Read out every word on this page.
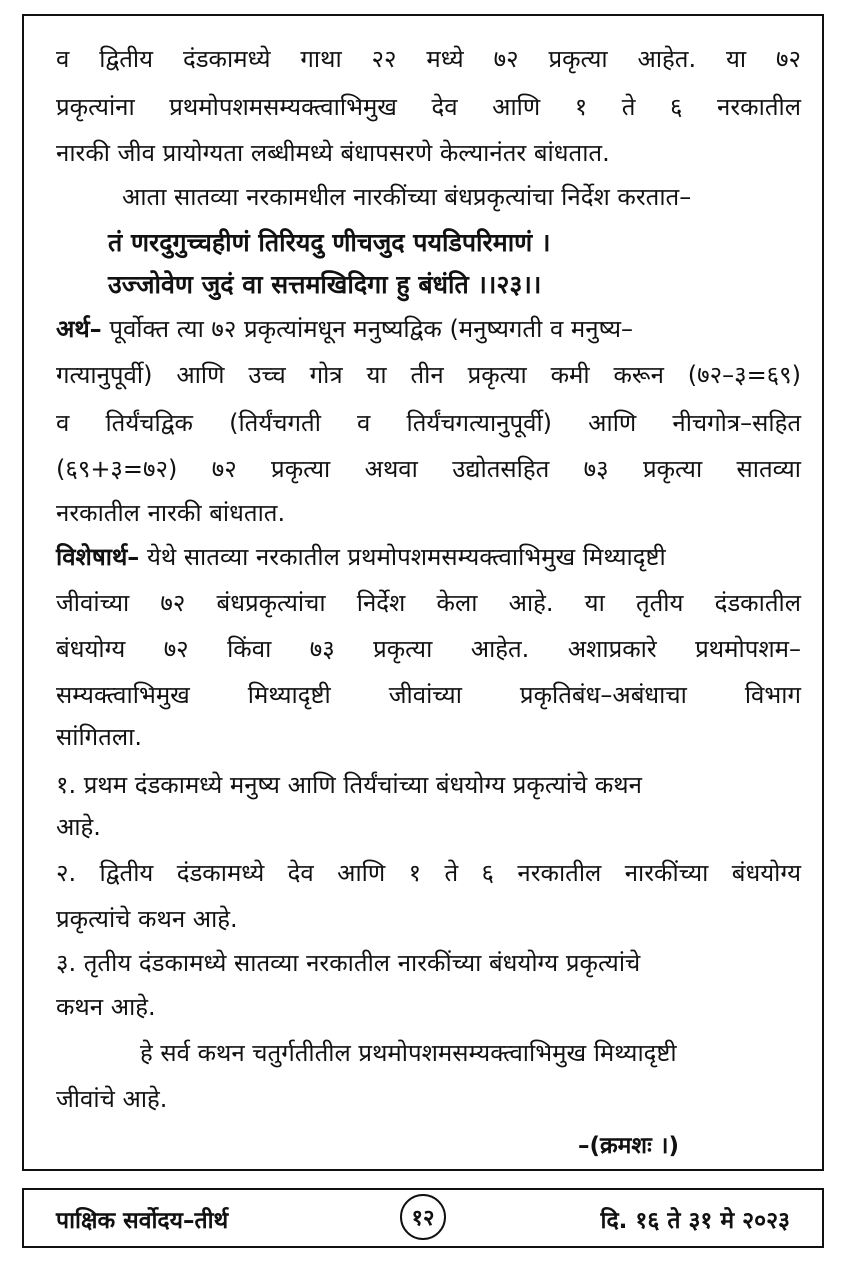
व द्वितीय दंडकामध्ये गाथा २२ मध्ये ७२ प्रकृत्या आहेत. या ७२
प्रकृत्यांना प्रथमोपशमसम्यक्त्वाभिमुख देव आणि १ ते ६ नरकातील
नारकी जीव प्रायोग्यता लब्धीमध्ये बंधापसरणे केल्यानंतर बांधतात.
आता सातव्या नरकामधील नारकींच्या बंधप्रकृत्यांचा निर्देश करतात–
तं णरदुगुच्चहीणं तिरियदु णीचजुद पयडिपरिमाणं ।
उज्जोवेण जुदं वा सत्तमखिदिगा हु बंधंति ।।२३।।
अर्थ– पूर्वोक्त त्या ७२ प्रकृत्यांमधून मनुष्यद्विक (मनुष्यगती व मनुष्य–
गत्यानुपूर्वी) आणि उच्च गोत्र या तीन प्रकृत्या कमी करून (७२–३=६९)
व तिर्यंचद्विक (तिर्यंचगती व तिर्यंचगत्यानुपूर्वी) आणि नीचगोत्र–सहित
(६९+३=७२) ७२ प्रकृत्या अथवा उद्योतसहित ७३ प्रकृत्या सातव्या
नरकातील नारकी बांधतात.
विशेषार्थ– येथे सातव्या नरकातील प्रथमोपशमसम्यक्त्वाभिमुख मिथ्यादृष्टी
जीवांच्या ७२ बंधप्रकृत्यांचा निर्देश केला आहे. या तृतीय दंडकातील
बंधयोग्य ७२ किंवा ७३ प्रकृत्या आहेत. अशाप्रकारे प्रथमोपशम–
सम्यक्त्वाभिमुख मिथ्यादृष्टी जीवांच्या प्रकृतिबंध–अबंधाचा विभाग
सांगितला.
१. प्रथम दंडकामध्ये मनुष्य आणि तिर्यंचांच्या बंधयोग्य प्रकृत्यांचे कथन
आहे.
२. द्वितीय दंडकामध्ये देव आणि १ ते ६ नरकातील नारकींच्या बंधयोग्य
प्रकृत्यांचे कथन आहे.
३. तृतीय दंडकामध्ये सातव्या नरकातील नारकींच्या बंधयोग्य प्रकृत्यांचे
कथन आहे.
हे सर्व कथन चतुर्गतीतील प्रथमोपशमसम्यक्त्वाभिमुख मिथ्यादृष्टी
जीवांचे आहे.
–(क्रमशः ।)
पाक्षिक सर्वोदय–तीर्थ	१२	दि. १६ ते ३१ मे २०२३
